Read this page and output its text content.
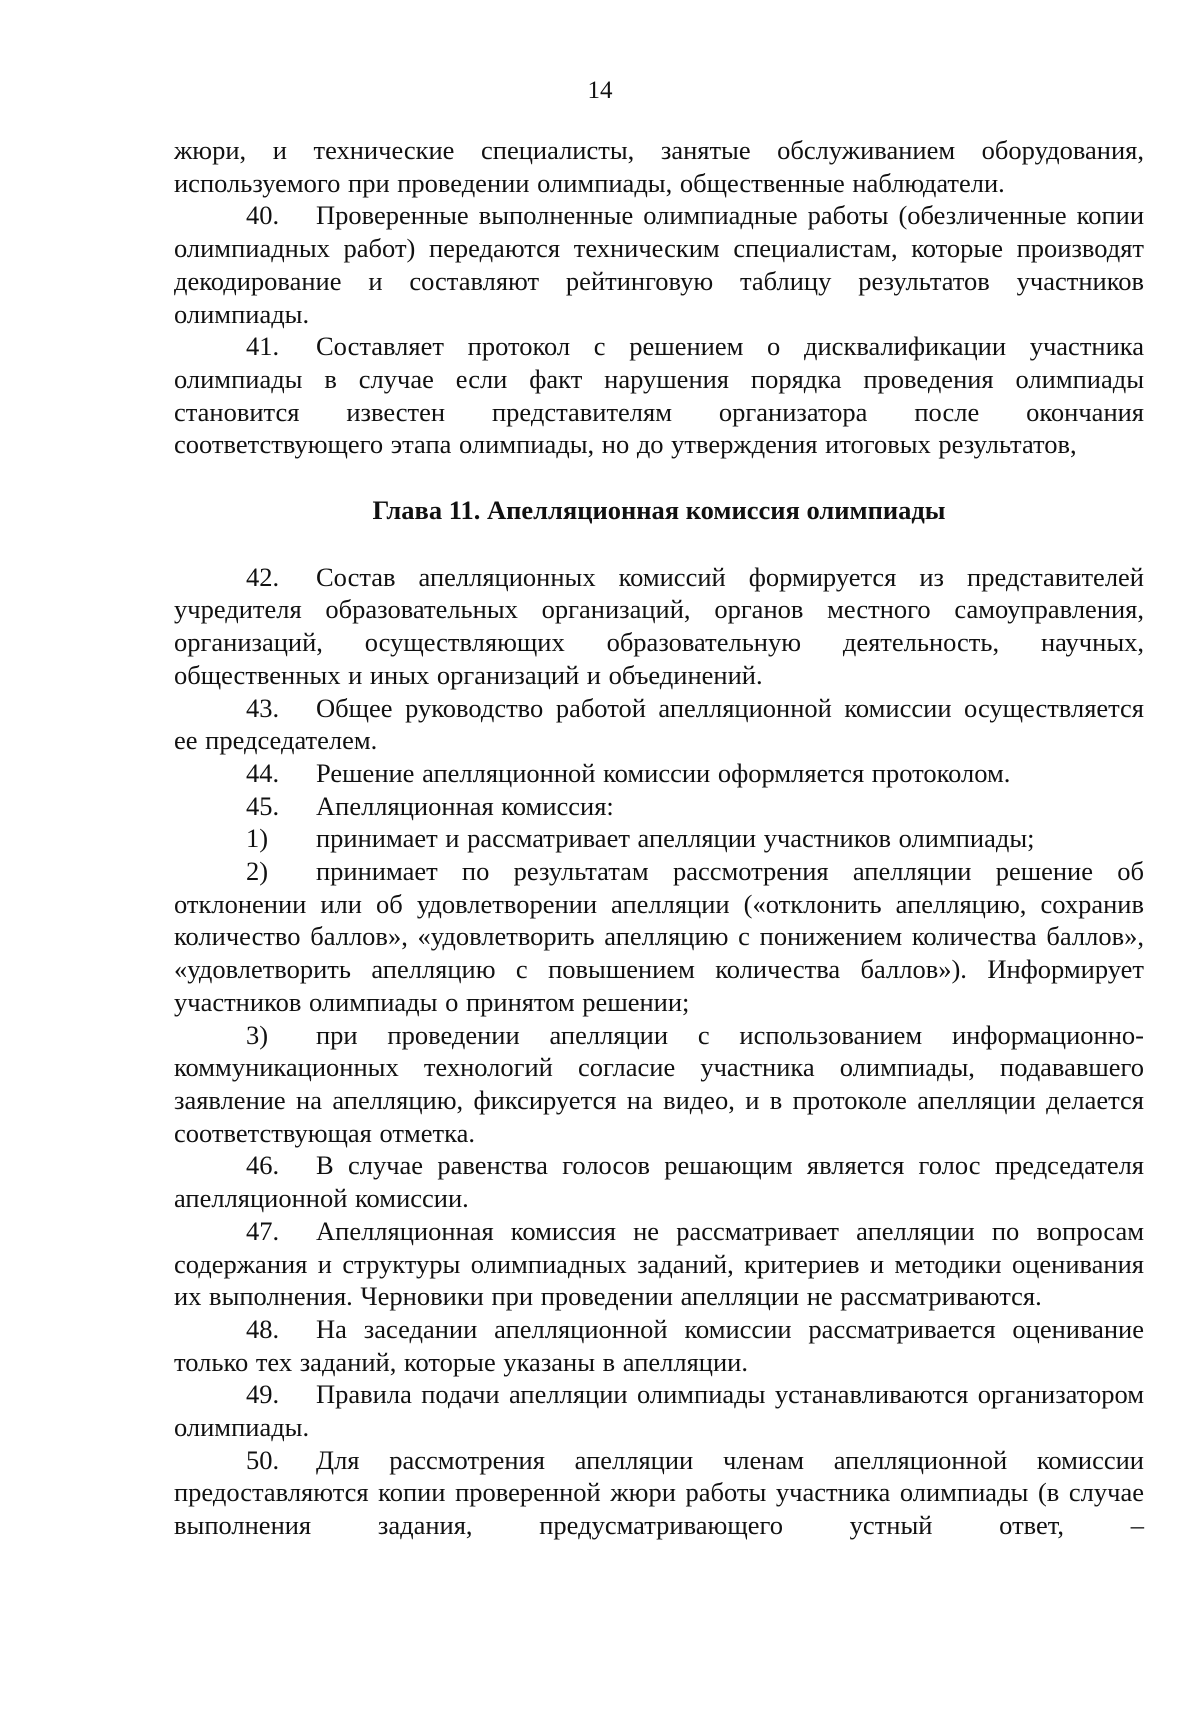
14

жюри, и технические специалисты, занятые обслуживанием оборудования, используемого при проведении олимпиады, общественные наблюдатели.

40. Проверенные выполненные олимпиадные работы (обезличенные копии олимпиадных работ) передаются техническим специалистам, которые производят декодирование и составляют рейтинговую таблицу результатов участников олимпиады.

41. Составляет протокол с решением о дисквалификации участника олимпиады в случае если факт нарушения порядка проведения олимпиады становится известен представителям организатора после окончания соответствующего этапа олимпиады, но до утверждения итоговых результатов,

Глава 11. Апелляционная комиссия олимпиады

42. Состав апелляционных комиссий формируется из представителей учредителя образовательных организаций, органов местного самоуправления, организаций, осуществляющих образовательную деятельность, научных, общественных и иных организаций и объединений.

43. Общее руководство работой апелляционной комиссии осуществляется ее председателем.

44. Решение апелляционной комиссии оформляется протоколом.

45. Апелляционная комиссия:

1) принимает и рассматривает апелляции участников олимпиады;

2) принимает по результатам рассмотрения апелляции решение об отклонении или об удовлетворении апелляции («отклонить апелляцию, сохранив количество баллов», «удовлетворить апелляцию с понижением количества баллов», «удовлетворить апелляцию с повышением количества баллов»). Информирует участников олимпиады о принятом решении;

3) при проведении апелляции с использованием информационно-коммуникационных технологий согласие участника олимпиады, подававшего заявление на апелляцию, фиксируется на видео, и в протоколе апелляции делается соответствующая отметка.

46. В случае равенства голосов решающим является голос председателя апелляционной комиссии.

47. Апелляционная комиссия не рассматривает апелляции по вопросам содержания и структуры олимпиадных заданий, критериев и методики оценивания их выполнения. Черновики при проведении апелляции не рассматриваются.

48. На заседании апелляционной комиссии рассматривается оценивание только тех заданий, которые указаны в апелляции.

49. Правила подачи апелляции олимпиады устанавливаются организатором олимпиады.

50. Для рассмотрения апелляции членам апелляционной комиссии предоставляются копии проверенной жюри работы участника олимпиады (в случае выполнения задания, предусматривающего устный ответ, –
